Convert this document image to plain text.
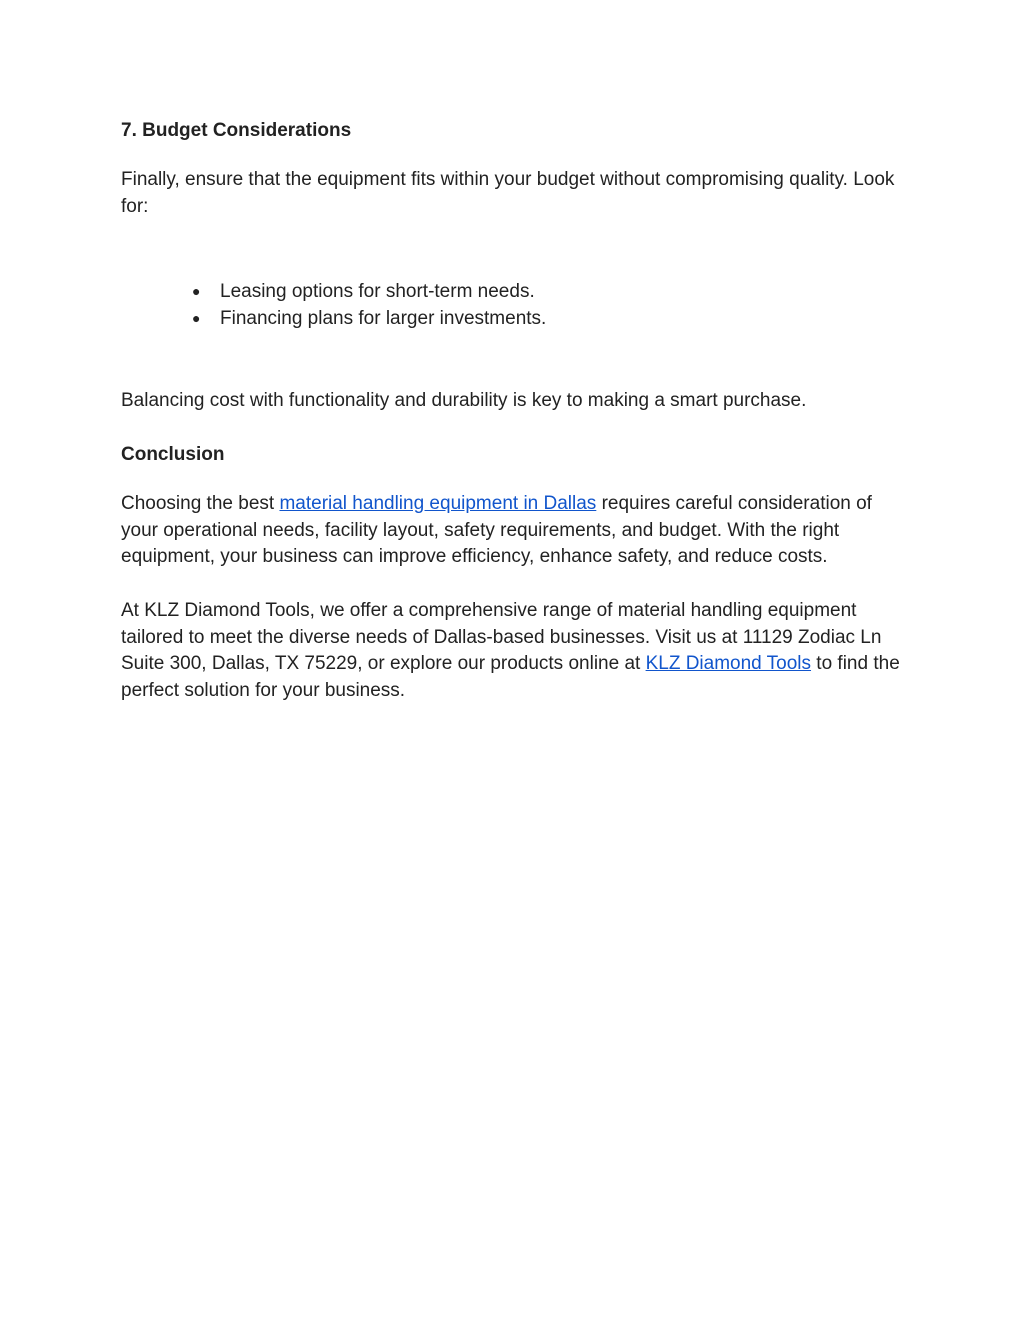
7. Budget Considerations

Finally, ensure that the equipment fits within your budget without compromising quality. Look for:

● Leasing options for short-term needs.
● Financing plans for larger investments.

Balancing cost with functionality and durability is key to making a smart purchase.

Conclusion

Choosing the best material handling equipment in Dallas requires careful consideration of your operational needs, facility layout, safety requirements, and budget. With the right equipment, your business can improve efficiency, enhance safety, and reduce costs.

At KLZ Diamond Tools, we offer a comprehensive range of material handling equipment tailored to meet the diverse needs of Dallas-based businesses. Visit us at 11129 Zodiac Ln Suite 300, Dallas, TX 75229, or explore our products online at KLZ Diamond Tools to find the perfect solution for your business.
